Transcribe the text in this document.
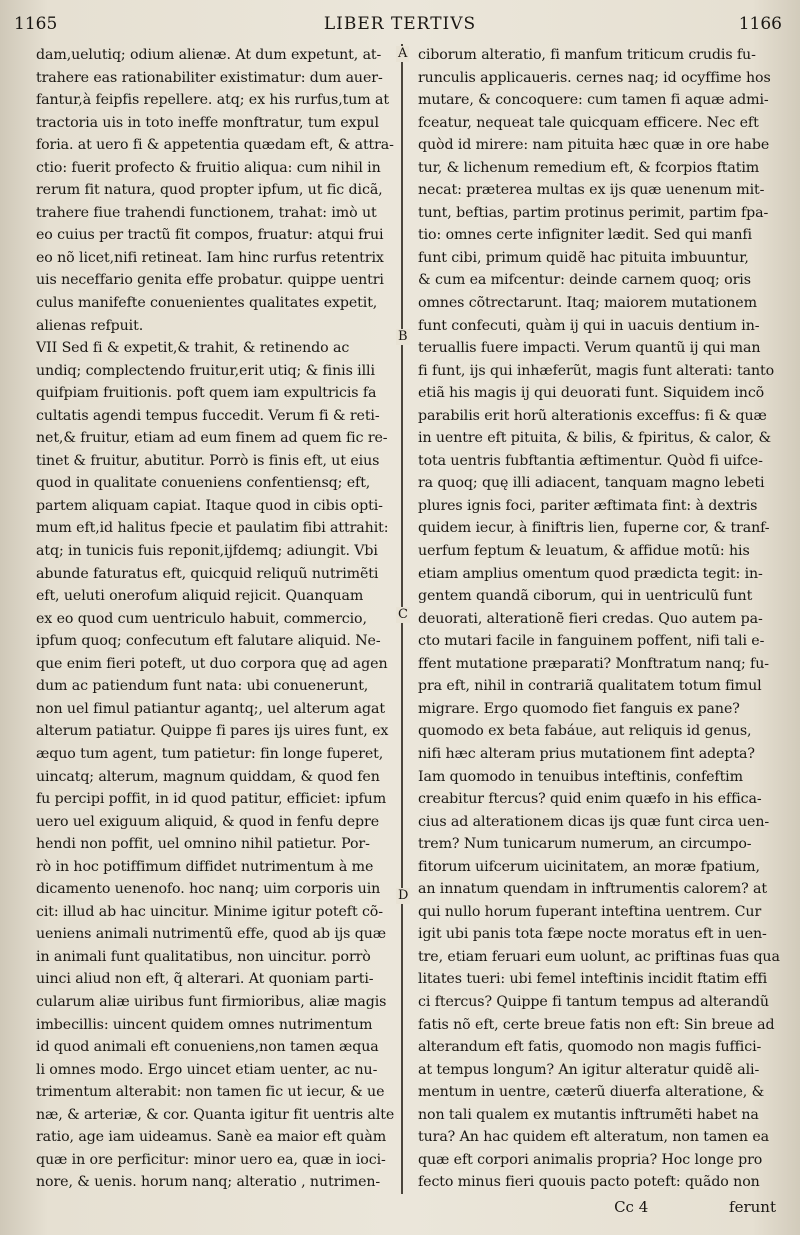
1165	LIBER TERTIVS	1166
dam,uelutiq; odium alienæ. At dum expetunt, at-
trahere eas rationabiliter existimatur: dum auer-
fantur,à feipfis repellere. atq; ex his rurfus,tum at
tractoria uis in toto ineffe monftratur, tum expul
foria. at uero fi & appetentia quædam eft, & attra-
ctio: fuerit profecto & fruitio aliqua: cum nihil in
rerum fit natura, quod propter ipfum, ut fic dicã,
trahere fiue trahendi functionem, trahat: imò ut
eo cuius per tractũ fit compos, fruatur: atqui frui
eo nõ licet,nifi retineat. Iam hinc rurfus retentrix
uis neceffario genita effe probatur. quippe uentri
culus manifefte conuenientes qualitates expetit,
alienas refpuit.
VII Sed fi & expetit,& trahit, & retinendo ac
undiq; complectendo fruitur,erit utiq; & finis illi
quifpiam fruitionis. poft quem iam expultricis fa
cultatis agendi tempus fuccedit. Verum fi & reti-
net,& fruitur, etiam ad eum finem ad quem fic re-
tinet & fruitur, abutitur. Porrò is finis eft, ut eius
quod in qualitate conueniens confentiensq; eft,
partem aliquam capiat. Itaque quod in cibis opti-
mum eft,id halitus fpecie et paulatim fibi attrahit:
atq; in tunicis fuis reponit,ijfdemq; adiungit. Vbi
abunde faturatus eft, quicquid reliquũ nutrimẽti
eft, ueluti onerofum aliquid rejicit. Quanquam
ex eo quod cum uentriculo habuit, commercio,
ipfum quoq; confecutum eft falutare aliquid. Ne-
que enim fieri poteft, ut duo corpora quę ad agen
dum ac patiendum funt nata: ubi conuenerunt,
non uel fimul patiantur agantq;, uel alterum agat
alterum patiatur. Quippe fi pares ijs uires funt, ex
æquo tum agent, tum patietur: fin longe fuperet,
uincatq; alterum, magnum quiddam, & quod fen
fu percipi poffit, in id quod patitur, efficiet: ipfum
uero uel exiguum aliquid, & quod in fenfu depre
hendi non poffit, uel omnino nihil patietur. Por-
rò in hoc potiffimum diffidet nutrimentum à me
dicamento uenenofo. hoc nanq; uim corporis uin
cit: illud ab hac uincitur. Minime igitur poteft cõ-
ueniens animali nutrimentũ effe, quod ab ijs quæ
in animali funt qualitatibus, non uincitur. porrò
uinci aliud non eft, q̃ alterari. At quoniam parti-
cularum aliæ uiribus funt firmioribus, aliæ magis
imbecillis: uincent quidem omnes nutrimentum
id quod animali eft conueniens,non tamen æqua
li omnes modo. Ergo uincet etiam uenter, ac nu-
trimentum alterabit: non tamen fic ut iecur, & ue
næ, & arteriæ, & cor. Quanta igitur fit uentris alte
ratio, age iam uideamus. Sanè ea maior eft quàm
quæ in ore perficitur: minor uero ea, quæ in ioci-
nore, & uenis. horum nanq; alteratio , nutrimen-
ciborum alteratio, fi manfum triticum crudis fu-
runculis applicaueris. cernes naq; id ocyffime hos
mutare, & concoquere: cum tamen fi aquæ admi-
fceatur, nequeat tale quicquam efficere. Nec eft
quòd id mirere: nam pituita hæc quæ in ore habe
tur, & lichenum remedium eft, & fcorpios ftatim
necat: præterea multas ex ijs quæ uenenum mit-
tunt, beftias, partim protinus perimit, partim fpa-
tio: omnes certe infigniter lædit. Sed qui manfi
funt cibi, primum quidẽ hac pituita imbuuntur,
& cum ea mifcentur: deinde carnem quoq; oris
omnes cõtrectarunt. Itaq; maiorem mutationem
funt confecuti, quàm ij qui in uacuis dentium in-
teruallis fuere impacti. Verum quantũ ij qui man
fi funt, ijs qui inhæferũt, magis funt alterati: tanto
etiã his magis ij qui deuorati funt. Siquidem incõ
parabilis erit horũ alterationis exceffus: fi & quæ
in uentre eft pituita, & bilis, & fpiritus, & calor, &
tota uentris fubftantia æftimentur. Quòd fi uifce-
ra quoq; quę illi adiacent, tanquam magno lebeti
plures ignis foci, pariter æftimata fint: à dextris
quidem iecur, à finiftris lien, fuperne cor, & tranf-
uerfum feptum & leuatum, & affidue motũ: his
etiam amplius omentum quod prædicta tegit: in-
gentem quandã ciborum, qui in uentriculũ funt
deuorati, alterationẽ fieri credas. Quo autem pa-
cto mutari facile in fanguinem poffent, nifi tali e-
ffent mutatione præparati? Monftratum nanq; fu-
pra eft, nihil in contrariã qualitatem totum fimul
migrare. Ergo quomodo fiet fanguis ex pane?
quomodo ex beta fabáue, aut reliquis id genus,
nifi hæc alteram prius mutationem fint adepta?
Iam quomodo in tenuibus inteftinis, confeftim
creabitur ftercus? quid enim quæfo in his effica-
cius ad alterationem dicas ijs quæ funt circa uen-
trem? Num tunicarum numerum, an circumpo-
fitorum uifcerum uicinitatem, an moræ fpatium,
an innatum quendam in inftrumentis calorem? at
qui nullo horum fuperant inteftina uentrem. Cur
igit ubi panis tota fæpe nocte moratus eft in uen-
tre, etiam feruari eum uolunt, ac priftinas fuas qua
litates tueri: ubi femel inteftinis incidit ftatim effi
ci ftercus? Quippe fi tantum tempus ad alterandũ
fatis nõ eft, certe breue fatis non eft: Sin breue ad
alterandum eft fatis, quomodo non magis fuffici-
at tempus longum? An igitur alteratur quidẽ ali-
mentum in uentre, cæterũ diuerfa alteratione, &
non tali qualem ex mutantis inftrumẽti habet na
tura? An hac quidem eft alteratum, non tamen ea
quæ eft corpori animalis propria? Hoc longe pro
fecto minus fieri quouis pacto poteft: quãdo non
A
B
C
D
Cc 4	ferunt
